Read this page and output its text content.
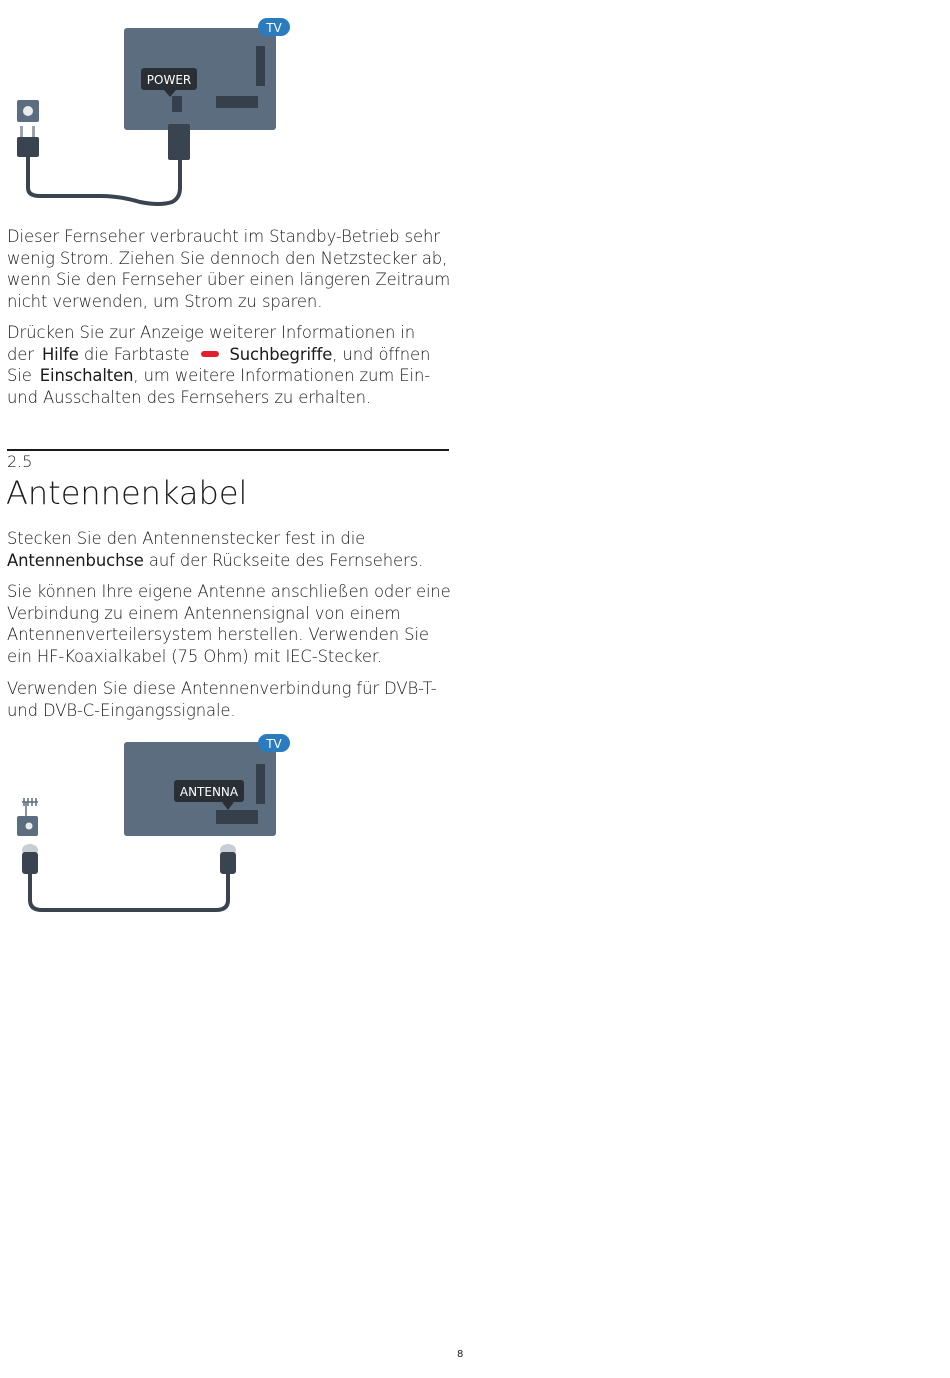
TV
POWER

Dieser Fernseher verbraucht im Standby-Betrieb sehr wenig Strom. Ziehen Sie dennoch den Netzstecker ab, wenn Sie den Fernseher über einen längeren Zeitraum nicht verwenden, um Strom zu sparen.

Drücken Sie zur Anzeige weiterer Informationen in der Hilfe die Farbtaste Suchbegriffe, und öffnen Sie Einschalten, um weitere Informationen zum Ein- und Ausschalten des Fernsehers zu erhalten.

2.5
Antennenkabel

Stecken Sie den Antennenstecker fest in die Antennenbuchse auf der Rückseite des Fernsehers.

Sie können Ihre eigene Antenne anschließen oder eine Verbindung zu einem Antennensignal von einem Antennenverteilersystem herstellen. Verwenden Sie ein HF-Koaxialkabel (75 Ohm) mit IEC-Stecker.

Verwenden Sie diese Antennenverbindung für DVB-T- und DVB-C-Eingangssignale.

TV
ANTENNA
8
